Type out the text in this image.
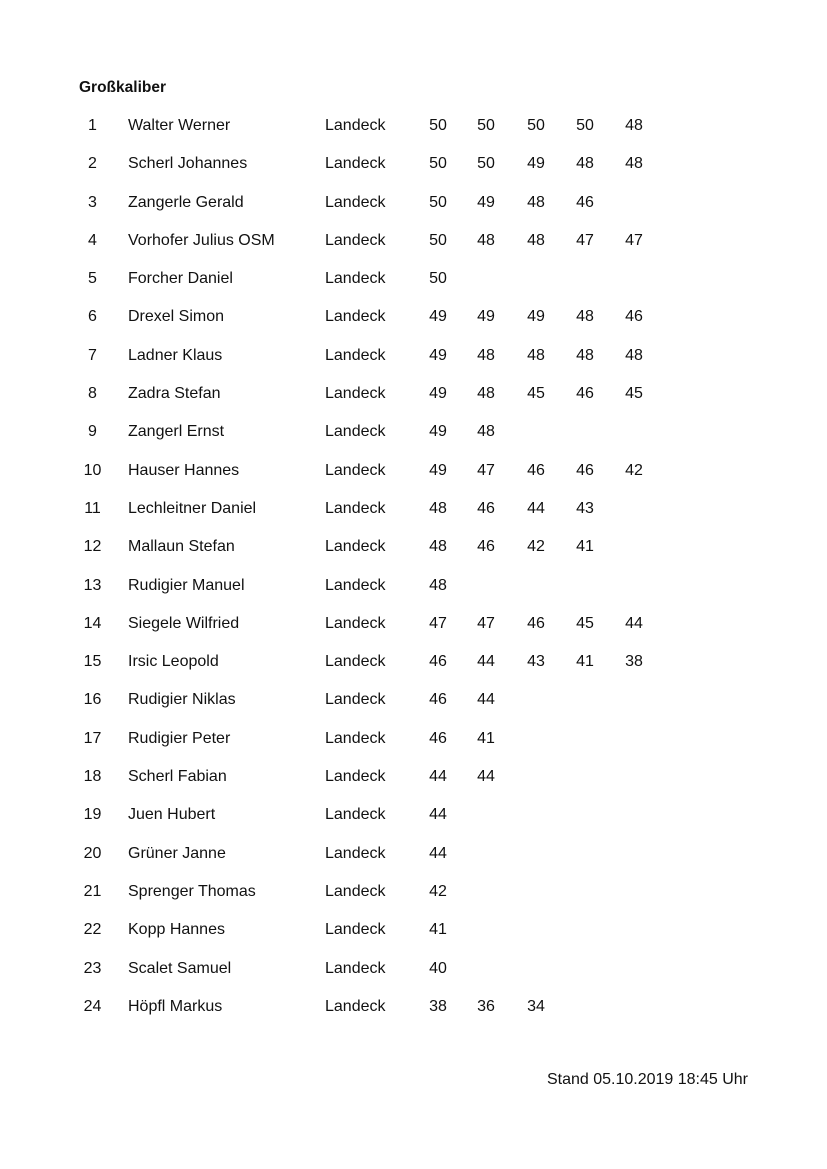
Großkaliber
1	Walter Werner	Landeck	50 50 50 50 48
2	Scherl Johannes	Landeck	50 50 49 48 48
3	Zangerle Gerald	Landeck	50 49 48 46
4	Vorhofer Julius OSM	Landeck	50 48 48 47 47
5	Forcher Daniel	Landeck	50
6	Drexel Simon	Landeck	49 49 49 48 46
7	Ladner Klaus	Landeck	49 48 48 48 48
8	Zadra Stefan	Landeck	49 48 45 46 45
9	Zangerl Ernst	Landeck	49 48
10	Hauser Hannes	Landeck	49 47 46 46 42
11	Lechleitner Daniel	Landeck	48 46 44 43
12	Mallaun Stefan	Landeck	48 46 42 41
13	Rudigier Manuel	Landeck	48
14	Siegele Wilfried	Landeck	47 47 46 45 44
15	Irsic Leopold	Landeck	46 44 43 41 38
16	Rudigier Niklas	Landeck	46 44
17	Rudigier Peter	Landeck	46 41
18	Scherl Fabian	Landeck	44 44
19	Juen Hubert	Landeck	44
20	Grüner Janne	Landeck	44
21	Sprenger Thomas	Landeck	42
22	Kopp Hannes	Landeck	41
23	Scalet Samuel	Landeck	40
24	Höpfl Markus	Landeck	38 36 34
Stand 05.10.2019 18:45 Uhr
